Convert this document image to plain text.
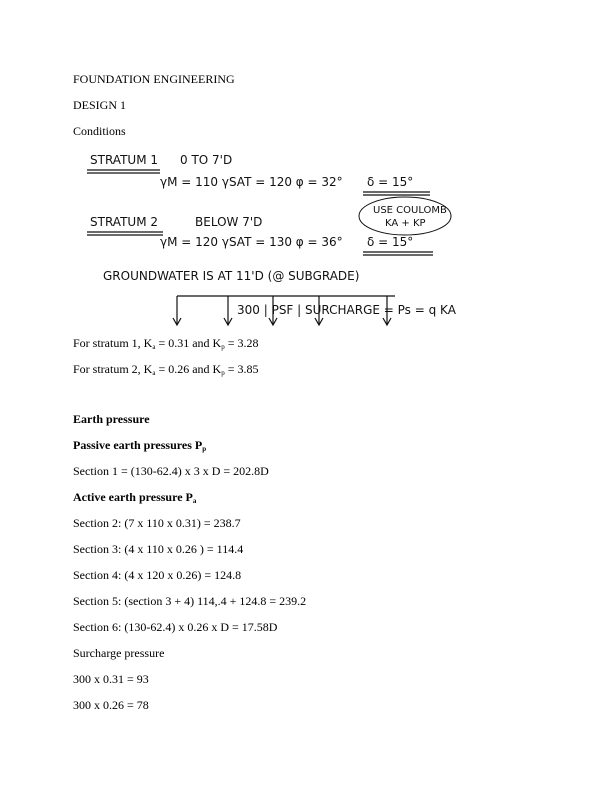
FOUNDATION ENGINEERING
DESIGN 1
Conditions
STRATUM 1 0 TO 7'D
γM = 110 γSAT = 120 φ = 32° δ = 15°
USE COULOMB
KA + KP
STRATUM 2	BELOW 7'D
γM = 120 γSAT = 130 φ = 36° δ = 15°
GROUNDWATER IS AT 11'D (@ SUBGRADE)
300 | PSF | SURCHARGE = Ps = q KA
For stratum 1, $K_a = 0.31$ and $K_p = 3.28$
For stratum 2, $K_a = 0.26$ and $K_p = 3.85$
Earth pressure
Passive earth pressures $P_p$
Section 1 = (130-62.4) x 3 x D = 202.8D
Active earth pressure $P_a$
Section 2: (7 x 110 x 0.31) = 238.7
Section 3: (4 x 110 x 0.26 ) = 114.4
Section 4: (4 x 120 x 0.26) = 124.8
Section 5: (section 3 + 4) 114,.4 + 124.8 = 239.2
Section 6: (130-62.4) x 0.26 x D = 17.58D
Surcharge pressure
300 x 0.31 = 93
300 x 0.26 = 78
